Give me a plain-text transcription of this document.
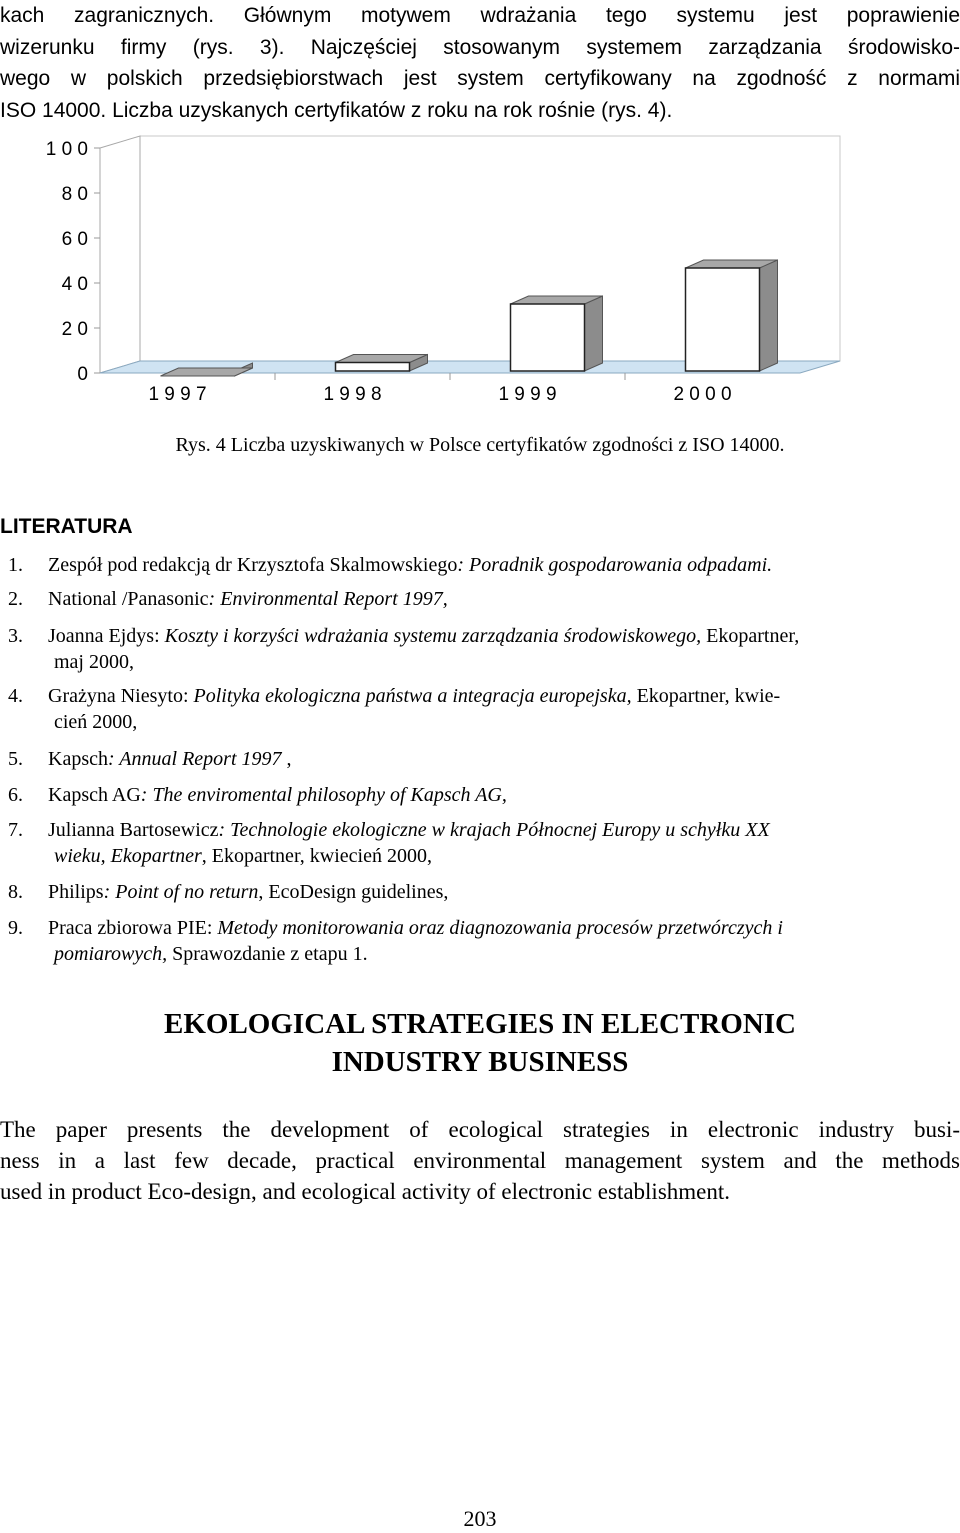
kach zagranicznych. Głównym motywem wdrażania tego systemu jest poprawienie
wizerunku firmy (rys. 3). Najczęściej stosowanym systemem zarządzania środowisko-
wego w polskich przedsiębiorstwach jest system certyfikowany na zgodność z normami
ISO 14000. Liczba uzyskanych certyfikatów z roku na rok rośnie (rys. 4).
0
2 0
4 0
6 0
8 0
1 0 0
1 9 9 7	1 9 9 8	1 9 9 9	2 0 0 0
Rys. 4 Liczba uzyskiwanych w Polsce certyfikatów zgodności z ISO 14000.
LITERATURA
1. Zespół pod redakcją dr Krzysztofa Skalmowskiego: Poradnik gospodarowania odpadami.
2. National /Panasonic: Environmental Report 1997,
3. Joanna Ejdys: Koszty i korzyści wdrażania systemu zarządzania środowiskowego, Ekopartner,
maj 2000,
4. Grażyna Niesyto: Polityka ekologiczna państwa a integracja europejska, Ekopartner, kwie-
cień 2000,
5. Kapsch: Annual Report 1997 ,
6. Kapsch AG: The enviromental philosophy of Kapsch AG,
7. Julianna Bartosewicz: Technologie ekologiczne w krajach Północnej Europy u schyłku XX
wieku, Ekopartner, Ekopartner, kwiecień 2000,
8. Philips: Point of no return, EcoDesign guidelines,
9. Praca zbiorowa PIE: Metody monitorowania oraz diagnozowania procesów przetwórczych i
pomiarowych, Sprawozdanie z etapu 1.
EKOLOGICAL STRATEGIES IN ELECTRONIC
INDUSTRY BUSINESS
The paper presents the development of ecological strategies in electronic industry busi-
ness in a last few decade, practical environmental management system and the methods
used in product Eco-design, and ecological activity of electronic establishment.
203
